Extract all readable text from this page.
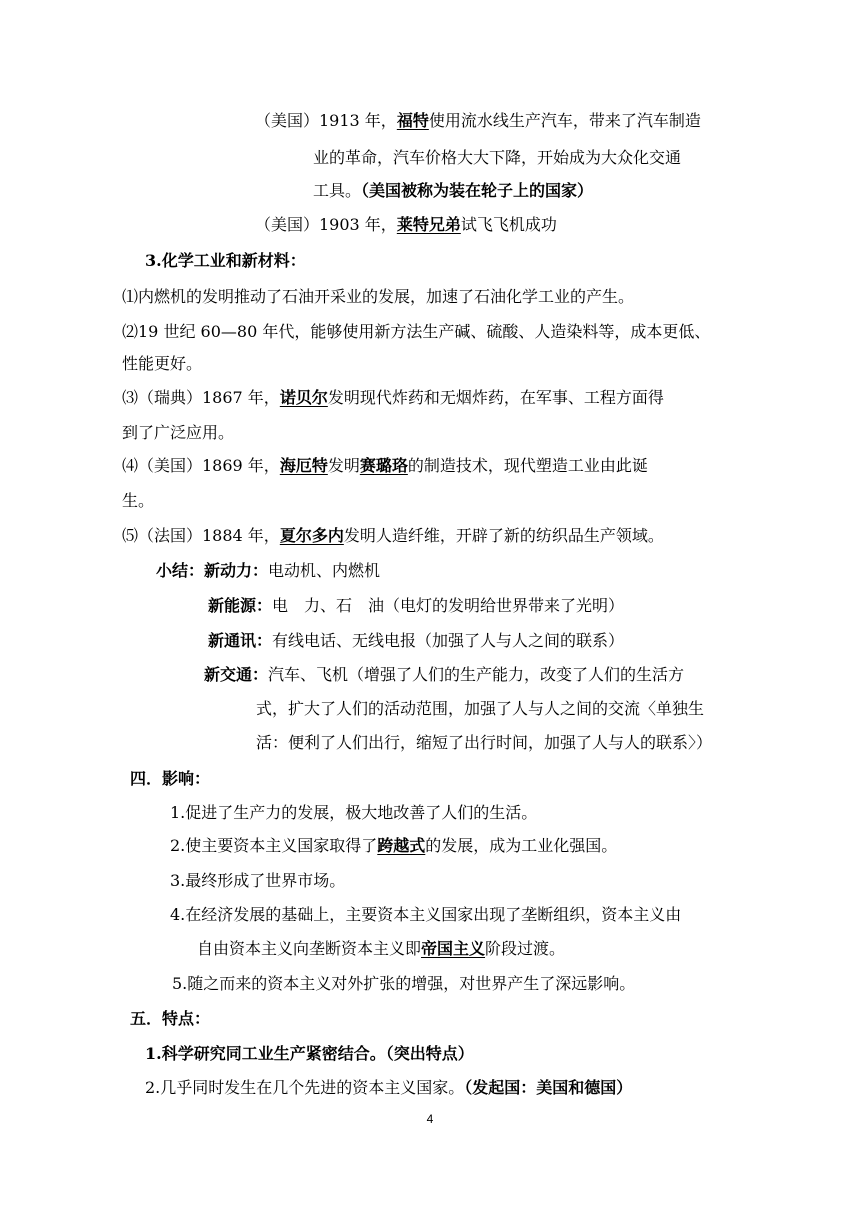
（美国）1913 年，福特使用流水线生产汽车，带来了汽车制造
业的革命，汽车价格大大下降，开始成为大众化交通
工具。（美国被称为装在轮子上的国家）
（美国）1903 年，莱特兄弟试飞飞机成功
3.化学工业和新材料：
⑴内燃机的发明推动了石油开采业的发展，加速了石油化学工业的产生。
⑵19 世纪 60—80 年代，能够使用新方法生产碱、硫酸、人造染料等，成本更低、
性能更好。
⑶（瑞典）1867 年，诺贝尔发明现代炸药和无烟炸药，在军事、工程方面得
到了广泛应用。
⑷（美国）1869 年，海厄特发明赛璐珞的制造技术，现代塑造工业由此诞
生。
⑸（法国）1884 年，夏尔多内发明人造纤维，开辟了新的纺织品生产领域。
小结：新动力：电动机、内燃机
新能源：电　力、石　油（电灯的发明给世界带来了光明）
新通讯：有线电话、无线电报（加强了人与人之间的联系）
新交通：汽车、飞机（增强了人们的生产能力，改变了人们的生活方
式，扩大了人们的活动范围，加强了人与人之间的交流〈单独生
活：便利了人们出行，缩短了出行时间，加强了人与人的联系〉）
四．影响：
1.促进了生产力的发展，极大地改善了人们的生活。
2.使主要资本主义国家取得了跨越式的发展，成为工业化强国。
3.最终形成了世界市场。
4.在经济发展的基础上，主要资本主义国家出现了垄断组织，资本主义由
自由资本主义向垄断资本主义即帝国主义阶段过渡。
5.随之而来的资本主义对外扩张的增强，对世界产生了深远影响。
五．特点：
1.科学研究同工业生产紧密结合。（突出特点）
2.几乎同时发生在几个先进的资本主义国家。（发起国：美国和德国）
4
